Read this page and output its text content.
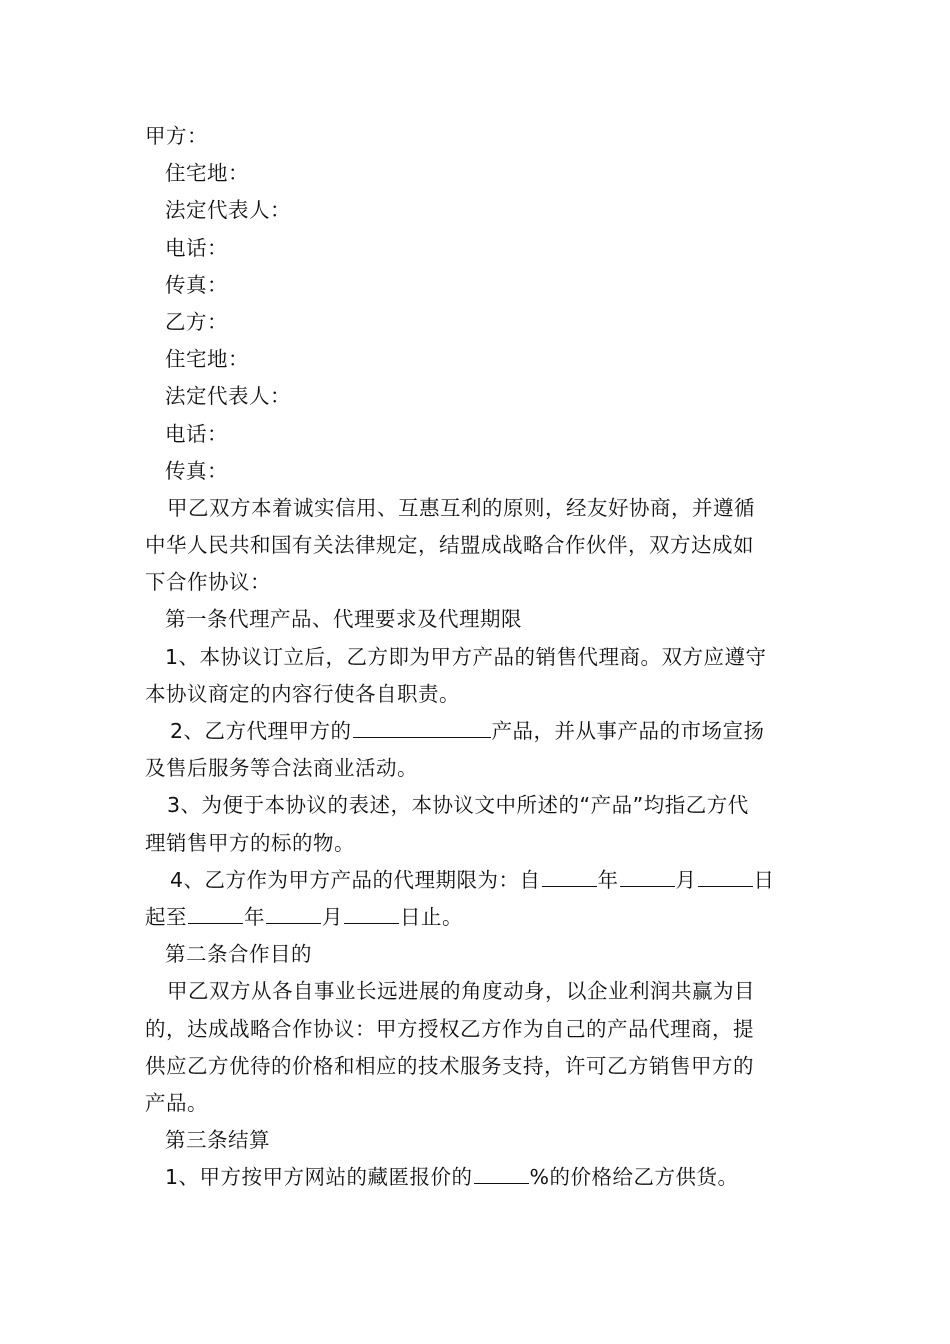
甲方：
住宅地：
法定代表人：
电话：
传真：
乙方：
住宅地：
法定代表人：
电话：
传真：
甲乙双方本着诚实信用、互惠互利的原则，经友好协商，并遵循
中华人民共和国有关法律规定，结盟成战略合作伙伴，双方达成如
下合作协议：
第一条代理产品、代理要求及代理期限
1、本协议订立后，乙方即为甲方产品的销售代理商。双方应遵守
本协议商定的内容行使各自职责。
2、乙方代理甲方的	产品，并从事产品的市场宣扬
及售后服务等合法商业活动。
3、为便于本协议的表述，本协议文中所述的“产品”均指乙方代
理销售甲方的标的物。
4、乙方作为甲方产品的代理期限为：自	年	月	日
起至	年	月	日止。
第二条合作目的
甲乙双方从各自事业长远进展的角度动身，以企业利润共赢为目
的，达成战略合作协议：甲方授权乙方作为自己的产品代理商，提
供应乙方优待的价格和相应的技术服务支持，许可乙方销售甲方的
产品。
第三条结算
1、甲方按甲方网站的藏匿报价的	%的价格给乙方供货。
